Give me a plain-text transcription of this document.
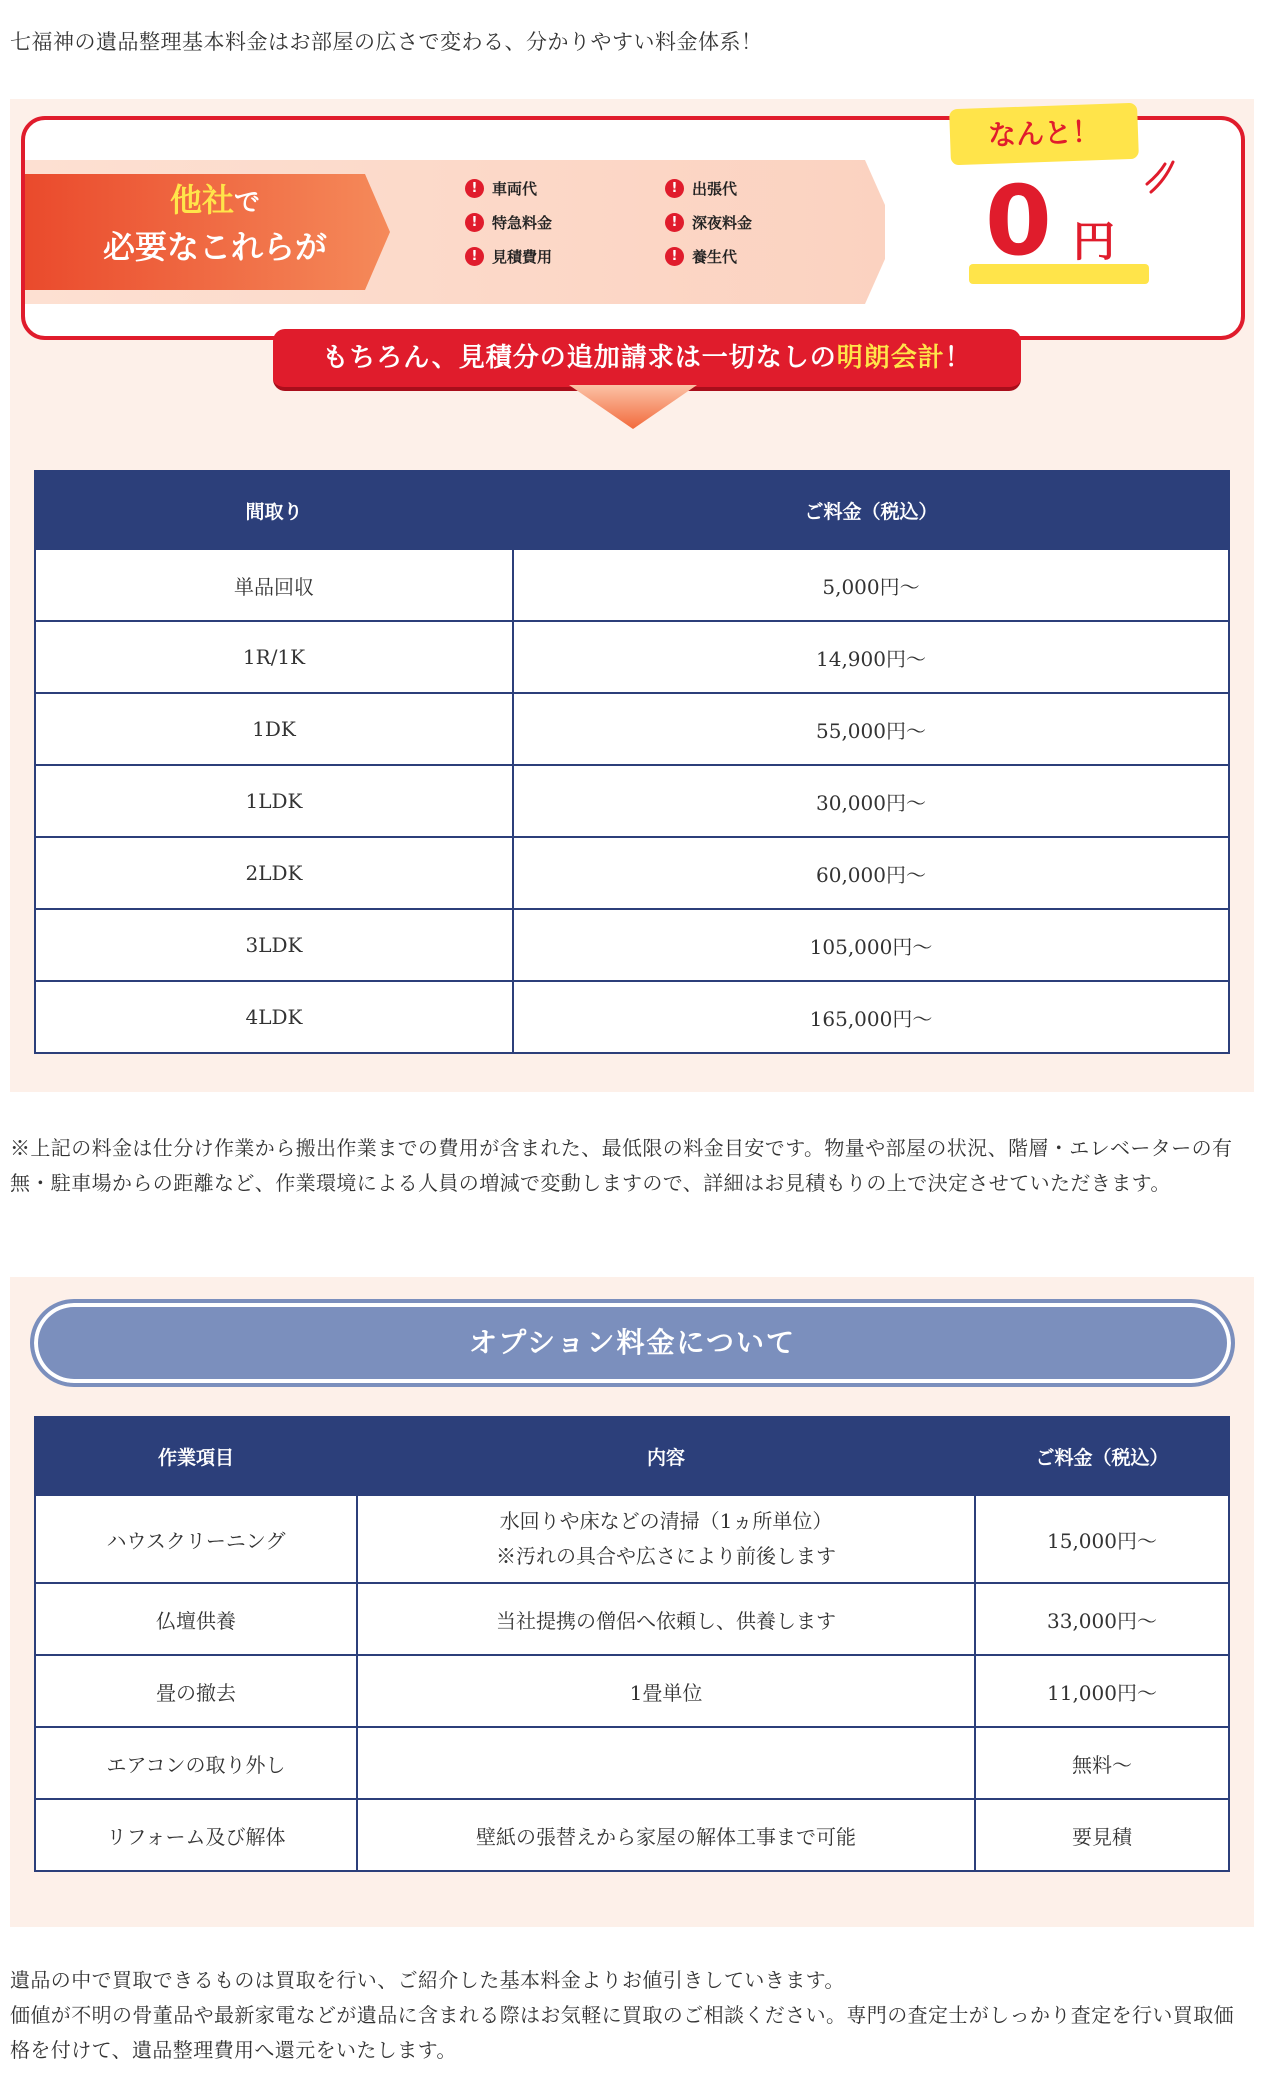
七福神の遺品整理基本料金はお部屋の広さで変わる、分かりやすい料金体系！

他社で
必要なこれらが
! 車両代	! 出張代
! 特急料金	! 深夜料金
! 見積費用	! 養生代
なんと！
0 円
もちろん、見積分の追加請求は一切なしの明朗会計！
間取り	ご料金（税込）
単品回収	5,000円〜
1R/1K	14,900円〜
1DK	55,000円〜
1LDK	30,000円〜
2LDK	60,000円〜
3LDK	105,000円〜
4LDK	165,000円〜

※上記の料金は仕分け作業から搬出作業までの費用が含まれた、最低限の料金目安です。物量や部屋の状況、階層・エレベーターの有無・駐車場からの距離など、作業環境による人員の増減で変動しますので、詳細はお見積もりの上で決定させていただきます。

オプション料金について
作業項目	内容	ご料金（税込）
ハウスクリーニング	水回りや床などの清掃（1ヵ所単位）
※汚れの具合や広さにより前後します	15,000円〜
仏壇供養	当社提携の僧侶へ依頼し、供養します	33,000円〜
畳の撤去	1畳単位	11,000円〜
エアコンの取り外し		無料〜
リフォーム及び解体	壁紙の張替えから家屋の解体工事まで可能	要見積

遺品の中で買取できるものは買取を行い、ご紹介した基本料金よりお値引きしていきます。

価値が不明の骨董品や最新家電などが遺品に含まれる際はお気軽に買取のご相談ください。専門の査定士がしっかり査定を行い買取価格を付けて、遺品整理費用へ還元をいたします。
